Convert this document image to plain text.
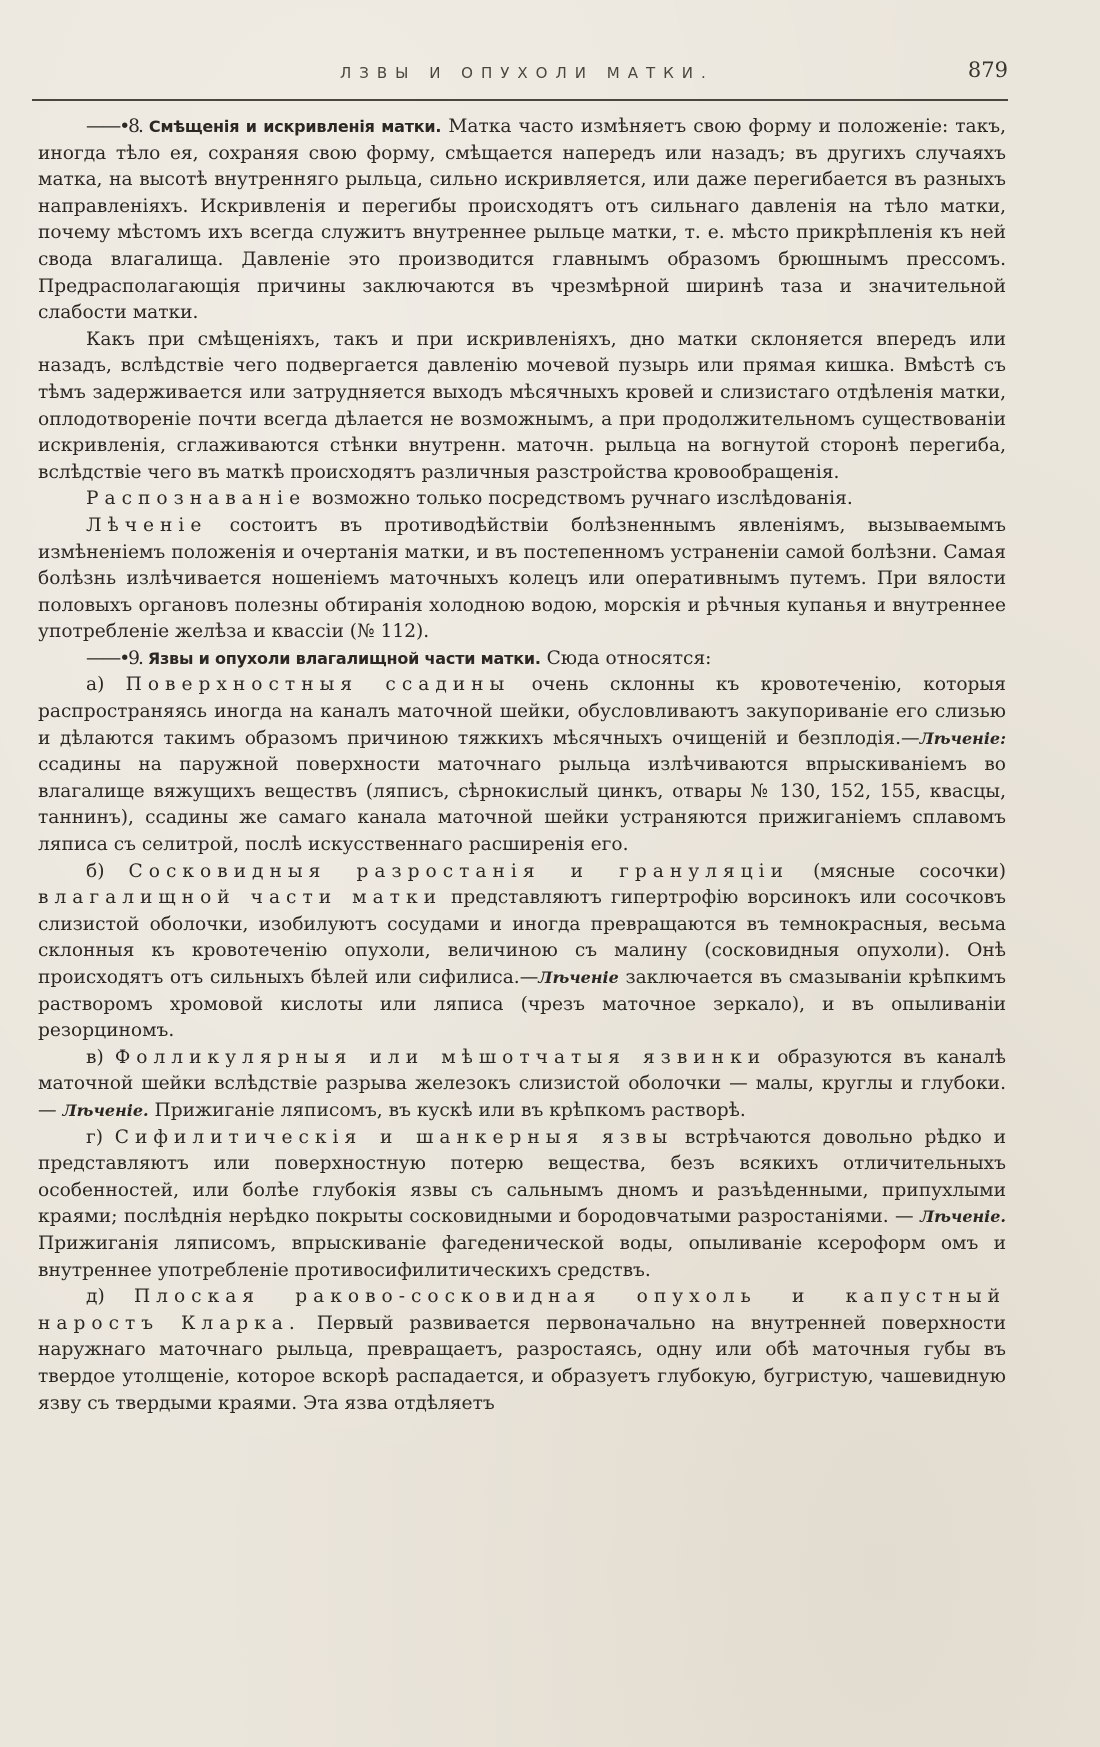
ЛЗВЫ И ОПУХОЛИ МАТКИ.	879

——•8. Смѣщенія и искривленія матки. Матка часто измѣняетъ свою форму и положеніе: такъ, иногда тѣло ея, сохраняя свою форму, смѣщается напередъ или назадъ; въ другихъ случаяхъ матка, на высотѣ внутренняго рыльца, сильно искривляется, или даже перегибается въ разныхъ направленіяхъ. Искривленія и перегибы происходятъ отъ сильнаго давленія на тѣло матки, почему мѣстомъ ихъ всегда служитъ внутреннее рыльце матки, т. е. мѣсто прикрѣпленія къ ней свода влагалища. Давленіе это производится главнымъ образомъ брюшнымъ прессомъ. Предрасполагающія причины заключаются въ чрезмѣрной ширинѣ таза и значительной слабости матки.

Какъ при смѣщеніяхъ, такъ и при искривленіяхъ, дно матки склоняется впередъ или назадъ, вслѣдствіе чего подвергается давленію мочевой пузырь или прямая кишка. Вмѣстѣ съ тѣмъ задерживается или затрудняется выходъ мѣсячныхъ кровей и слизистаго отдѣленія матки, оплодотвореніе почти всегда дѣлается не возможнымъ, а при продолжительномъ существованіи искривленія, сглаживаются стѣнки внутренн. маточн. рыльца на вогнутой сторонѣ перегиба, вслѣдствіе чего въ маткѣ происходятъ различныя разстройства кровообращенія.

Распознаваніе возможно только посредствомъ ручнаго изслѣдованія.

Лѣченіе состоитъ въ противодѣйствіи болѣзненнымъ явленіямъ, вызываемымъ измѣненіемъ положенія и очертанія матки, и въ постепенномъ устраненіи самой болѣзни. Самая болѣзнь излѣчивается ношеніемъ маточныхъ колецъ или оперативнымъ путемъ. При вялости половыхъ органовъ полезны обтиранія холодною водою, морскія и рѣчныя купанья и внутреннее употребленіе желѣза и квассіи (№ 112).

——•9. Язвы и опухоли влагалищной части матки. Сюда относятся:

а) Поверхностныя ссадины очень склонны къ кровотеченію, которыя распространяясь иногда на каналъ маточной шейки, обусловливаютъ закупориваніе его слизью и дѣлаются такимъ образомъ причиною тяжкихъ мѣсячныхъ очищеній и безплодія.—Лѣченіе: ссадины на паружной поверхности маточнаго рыльца излѣчиваются впрыскиваніемъ во влагалище вяжущихъ веществъ (ляписъ, сѣрнокислый цинкъ, отвары № 130, 152, 155, квасцы, таннинъ), ссадины же самаго канала маточной шейки устраняются прижиганіемъ сплавомъ ляписа съ селитрой, послѣ искусственнаго расширенія его.

б) Сосковидныя разростанія и грануляціи (мясные сосочки) влагалищной части матки представляютъ гипертрофію ворсинокъ или сосочковъ слизистой оболочки, изобилуютъ сосудами и иногда превращаются въ темнокрасныя, весьма склонныя къ кровотеченію опухоли, величиною съ малину (сосковидныя опухоли). Онѣ происходятъ отъ сильныхъ бѣлей или сифилиса.—Лѣченіе заключается въ смазываніи крѣпкимъ растворомъ хромовой кислоты или ляписа (чрезъ маточное зеркало), и въ опыливаніи резорциномъ.

в) Фолликулярныя или мѣшотчатыя язвинки образуются въ каналѣ маточной шейки вслѣдствіе разрыва железокъ слизистой оболочки — малы, круглы и глубоки. — Лѣченіе. Прижиганіе ляписомъ, въ кускѣ или въ крѣпкомъ растворѣ.

г) Сифилитическія и шанкерныя язвы встрѣчаются довольно рѣдко и представляютъ или поверхностную потерю вещества, безъ всякихъ отличительныхъ особенностей, или болѣе глубокія язвы съ сальнымъ дномъ и разъѣденными, припухлыми краями; послѣднія нерѣдко покрыты сосковидными и бородовчатыми разростаніями. — Лѣченіе. Прижиганія ляписомъ, впрыскиваніе фагеденической воды, опыливаніе ксероформ омъ и внутреннее употребленіе противосифилитическихъ средствъ.

д) Плоская раково-сосковидная опухоль и капустный наростъ Кларка. Первый развивается первоначально на внутренней поверхности наружнаго маточнаго рыльца, превращаетъ, разростаясь, одну или обѣ маточныя губы въ твердое утолщеніе, которое вскорѣ распадается, и образуетъ глубокую, бугристую, чашевидную язву съ твердыми краями. Эта язва отдѣляетъ
